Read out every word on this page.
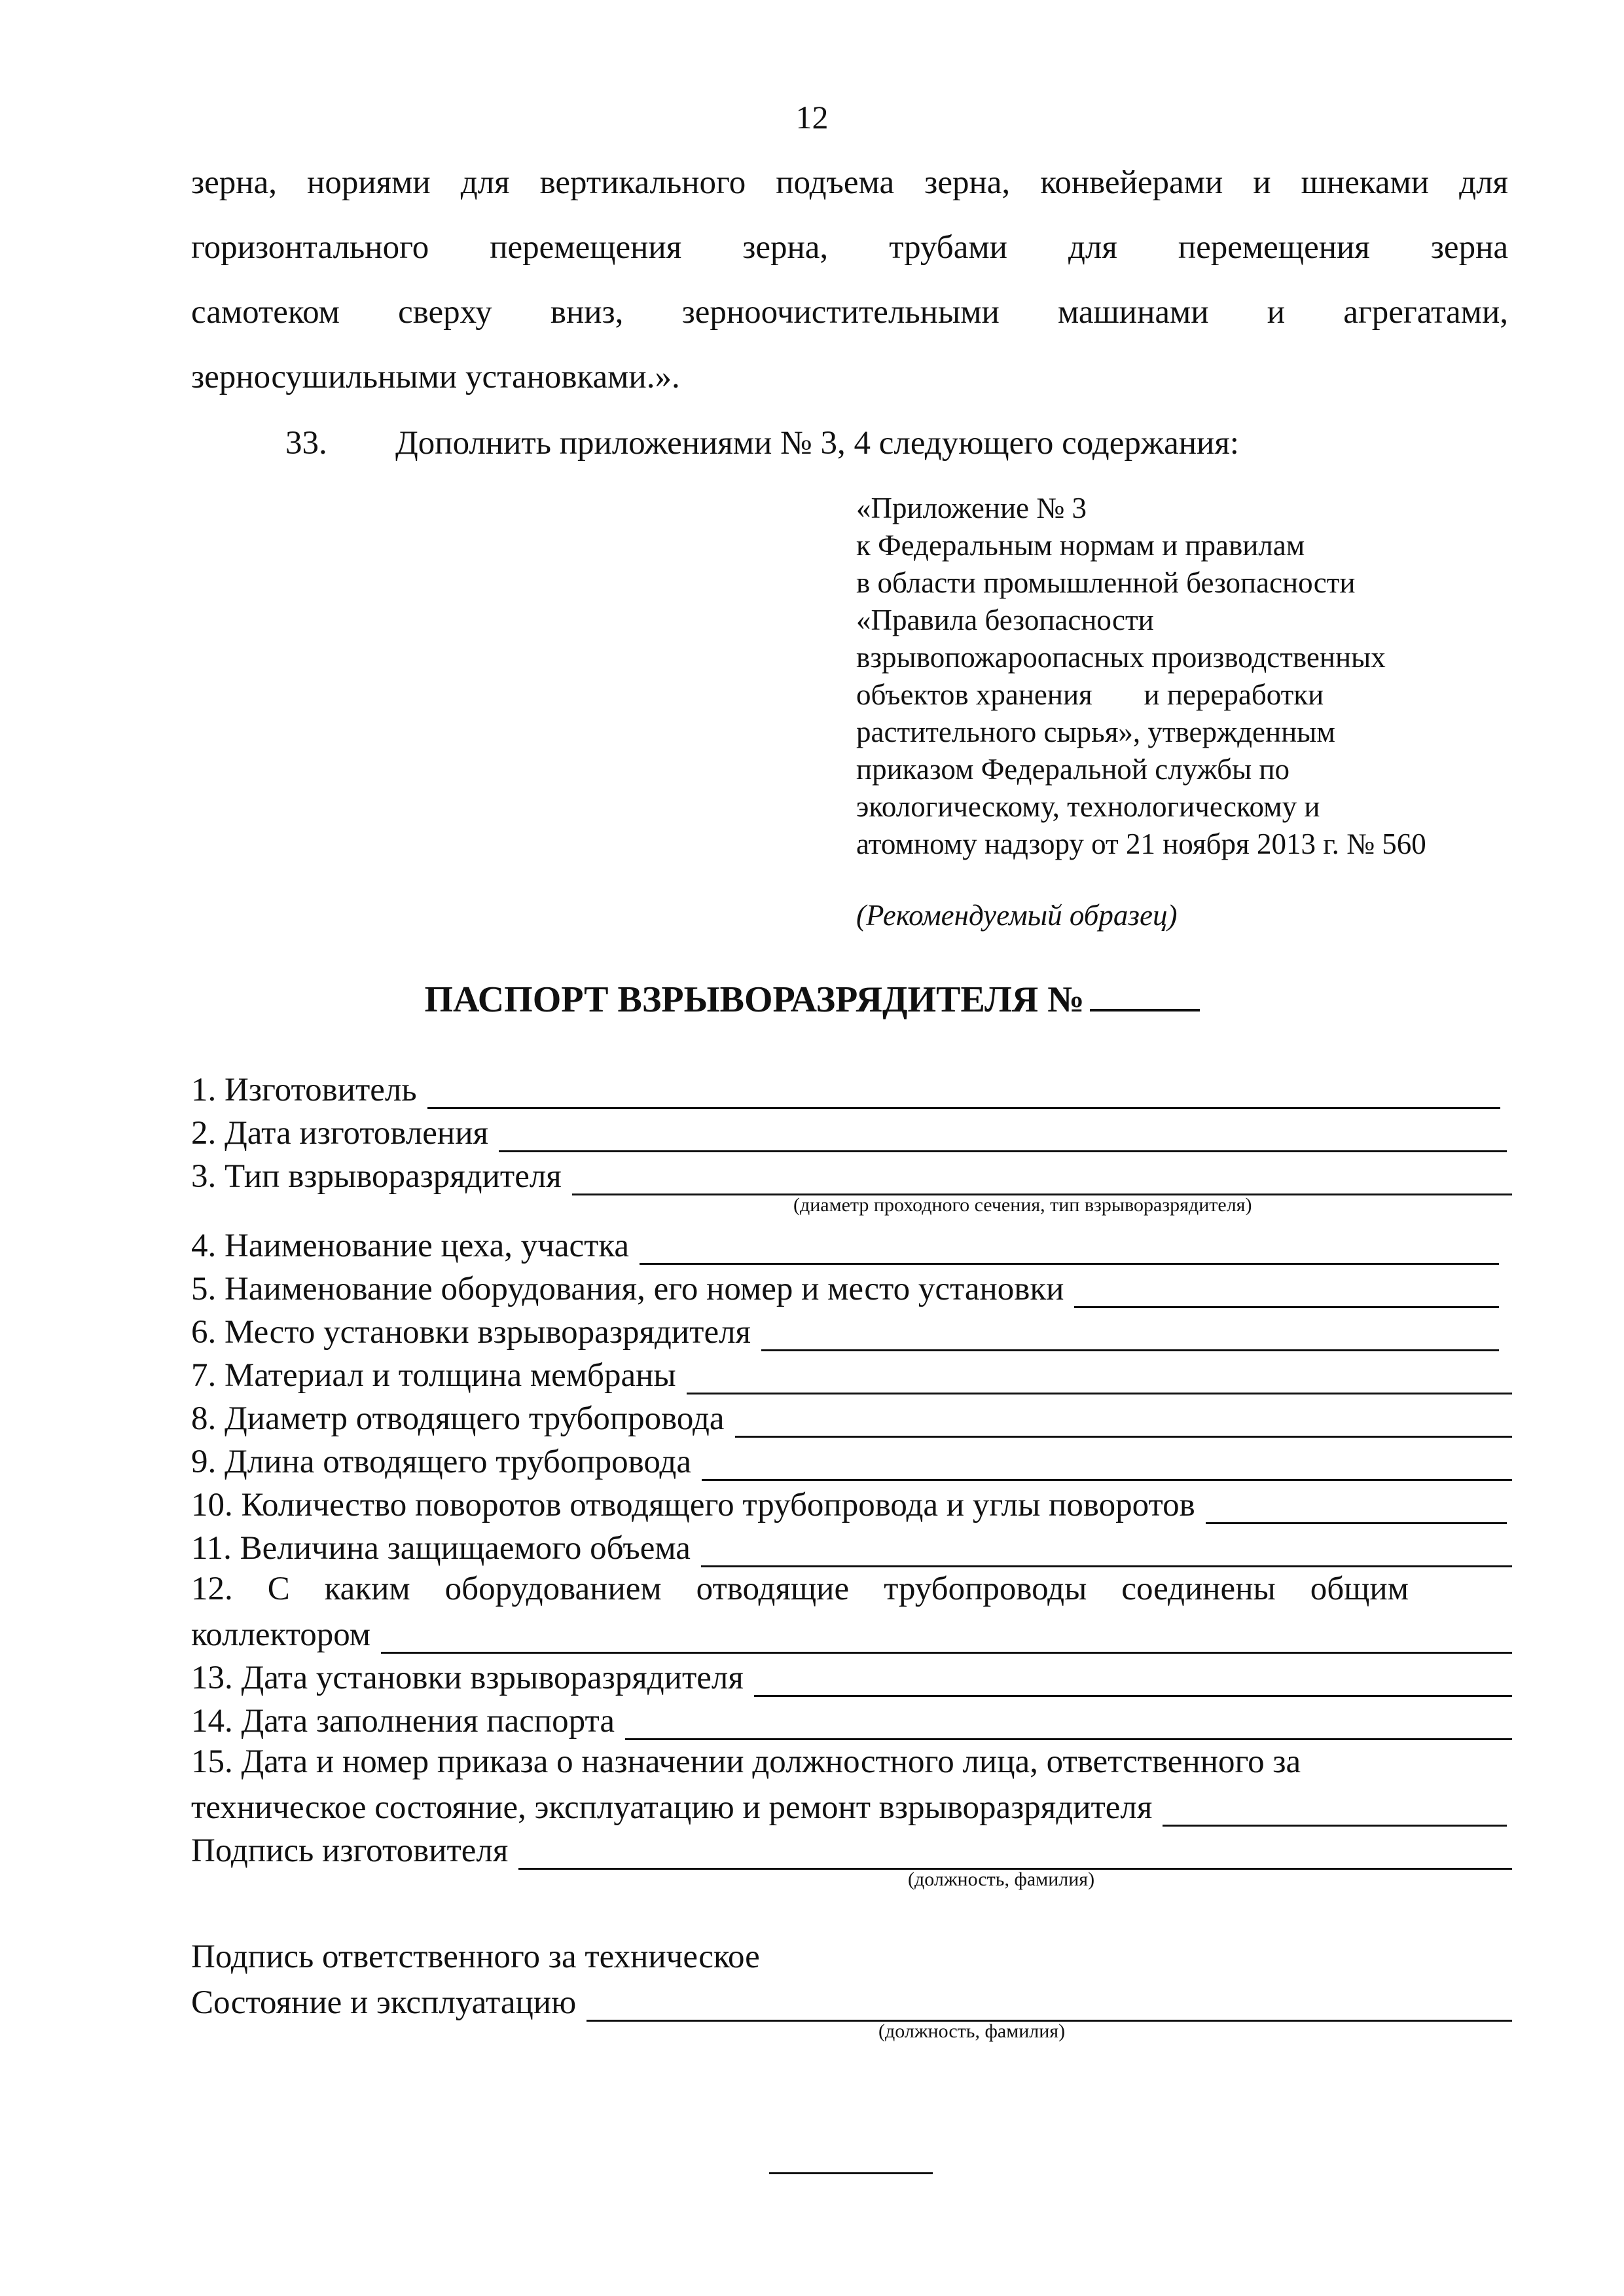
12
зерна, нориями для вертикального подъема зерна, конвейерами и шнеками для
горизонтального перемещения зерна, трубами для перемещения зерна
самотеком сверху вниз, зерноочистительными машинами и агрегатами,
зерносушильными установками.».
33. Дополнить приложениями № 3, 4 следующего содержания:
«Приложение № 3
к Федеральным нормам и правилам
в области промышленной безопасности
«Правила безопасности
взрывопожароопасных производственных
объектов хранения       и переработки
растительного сырья», утвержденным
приказом Федеральной службы по
экологическому, технологическому и
атомному надзору от 21 ноября 2013 г. № 560
(Рекомендуемый образец)
ПАСПОРТ ВЗРЫВОРАЗРЯДИТЕЛЯ №
1. Изготовитель
2. Дата изготовления
3. Тип взрыворазрядителя
(диаметр проходного сечения, тип взрыворазрядителя)
4. Наименование цеха, участка
5. Наименование оборудования, его номер и место установки
6. Место установки взрыворазрядителя
7. Материал и толщина мембраны
8. Диаметр отводящего трубопровода
9. Длина отводящего трубопровода
10. Количество поворотов отводящего трубопровода и углы поворотов
11. Величина защищаемого объема
12. С каким оборудованием отводящие трубопроводы соединены общим
коллектором
13. Дата установки взрыворазрядителя
14. Дата заполнения паспорта
15. Дата и номер приказа о назначении должностного лица, ответственного за
техническое состояние, эксплуатацию и ремонт взрыворазрядителя
Подпись изготовителя
(должность, фамилия)
Подпись ответственного за техническое
Состояние и эксплуатацию
(должность, фамилия)
